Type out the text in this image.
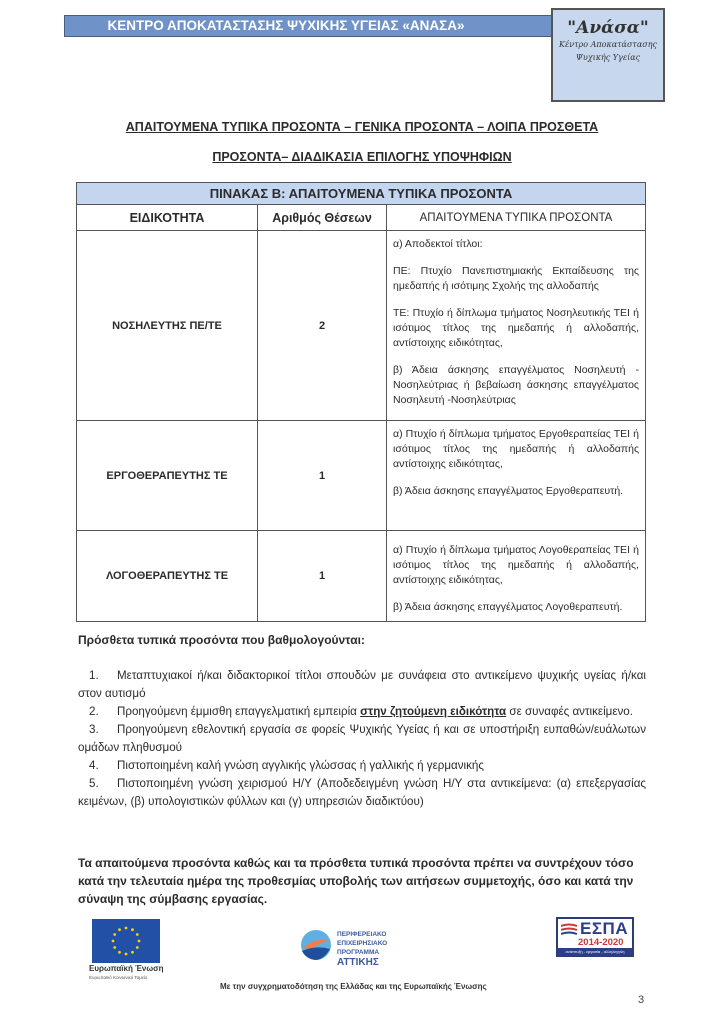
ΚΕΝΤΡΟ ΑΠΟΚΑΤΑΣΤΑΣΗΣ ΨΥΧΙΚΗΣ ΥΓΕΙΑΣ «ΑΝΑΣΑ»	"Ανάσα"
Κέντρο Αποκατάστασης
Ψυχικής Υγείας
ΑΠΑΙΤΟΥΜΕΝΑ ΤΥΠΙΚΑ ΠΡΟΣΟΝΤΑ – ΓΕΝΙΚΑ ΠΡΟΣΟΝΤΑ – ΛΟΙΠΑ ΠΡΟΣΘΕΤΑ
ΠΡΟΣΟΝΤΑ– ΔΙΑΔΙΚΑΣΙΑ ΕΠΙΛΟΓΗΣ ΥΠΟΨΗΦΙΩΝ
ΠΙΝΑΚΑΣ Β: ΑΠΑΙΤΟΥΜΕΝΑ ΤΥΠΙΚΑ ΠΡΟΣΟΝΤΑ		
ΕΙΔΙΚΟΤΗΤΑ	Αριθμός Θέσεων	ΑΠΑΙΤΟΥΜΕΝΑ ΤΥΠΙΚΑ ΠΡΟΣΟΝΤΑ
ΝΟΣΗΛΕΥΤΗΣ ΠΕ/ΤΕ	2	α) Αποδεκτοί τίτλοι:

ΠΕ: Πτυχίο Πανεπιστημιακής Εκπαίδευσης της ημεδαπής ή ισότιμης Σχολής της αλλοδαπής

ΤΕ: Πτυχίο ή δίπλωμα τμήματος Νοσηλευτικής ΤΕΙ ή ισότιμος τίτλος της ημεδαπής ή αλλοδαπής, αντίστοιχης ειδικότητας,

β) Άδεια άσκησης επαγγέλματος Νοσηλευτή - Νοσηλεύτριας ή βεβαίωση άσκησης επαγγέλματος Νοσηλευτή -Νοσηλεύτριας

ΕΡΓΟΘΕΡΑΠΕΥΤΗΣ ΤΕ	1	α) Πτυχίο ή δίπλωμα τμήματος Εργοθεραπείας ΤΕΙ ή ισότιμος τίτλος της ημεδαπής ή αλλοδαπής αντίστοιχης ειδικότητας,

β) Άδεια άσκησης επαγγέλματος Εργοθεραπευτή.

ΛΟΓΟΘΕΡΑΠΕΥΤΗΣ ΤΕ	1	α) Πτυχίο ή δίπλωμα τμήματος Λογοθεραπείας ΤΕΙ ή ισότιμος τίτλος της ημεδαπής ή αλλοδαπής, αντίστοιχης ειδικότητας,

β) Άδεια άσκησης επαγγέλματος Λογοθεραπευτή.

Πρόσθετα τυπικά προσόντα που βαθμολογούνται:

1. Μεταπτυχιακοί ή/και διδακτορικοί τίτλοι σπουδών με συνάφεια στο αντικείμενο ψυχικής υγείας ή/και στον αυτισμό

2. Προηγούμενη έμμισθη επαγγελματική εμπειρία στην ζητούμενη ειδικότητα σε συναφές αντικείμενο.

3. Προηγούμενη εθελοντική εργασία σε φορείς Ψυχικής Υγείας ή και σε υποστήριξη ευπαθών/ευάλωτων ομάδων πληθυσμού

4. Πιστοποιημένη καλή γνώση αγγλικής γλώσσας ή γαλλικής ή γερμανικής

5. Πιστοποιημένη γνώση χειρισμού Η/Υ (Αποδεδειγμένη γνώση Η/Υ στα αντικείμενα: (α) επεξεργασίας κειμένων, (β) υπολογιστικών φύλλων και (γ) υπηρεσιών διαδικτύου)

Τα απαιτούμενα προσόντα καθώς και τα πρόσθετα τυπικά προσόντα πρέπει να συντρέχουν τόσο κατά την τελευταία ημέρα της προθεσμίας υποβολής των αιτήσεων συμμετοχής, όσο και κατά την σύναψη της σύμβασης εργασίας.
Ευρωπαϊκή Ένωση
Ευρωπαϊκό Κοινωνικό Ταμείο
ΠΕΡΙΦΕΡΕΙΑΚΟ
ΕΠΙΧΕΙΡΗΣΙΑΚΟ
ΠΡΟΓΡΑΜΜΑ
ΑΤΤΙΚΗΣ
ΕΣΠΑ
2014-2020
ανάπτυξη - εργασία - αλληλεγγύη
Με την συγχρηματοδότηση της Ελλάδας και της Ευρωπαϊκής Ένωσης
3
